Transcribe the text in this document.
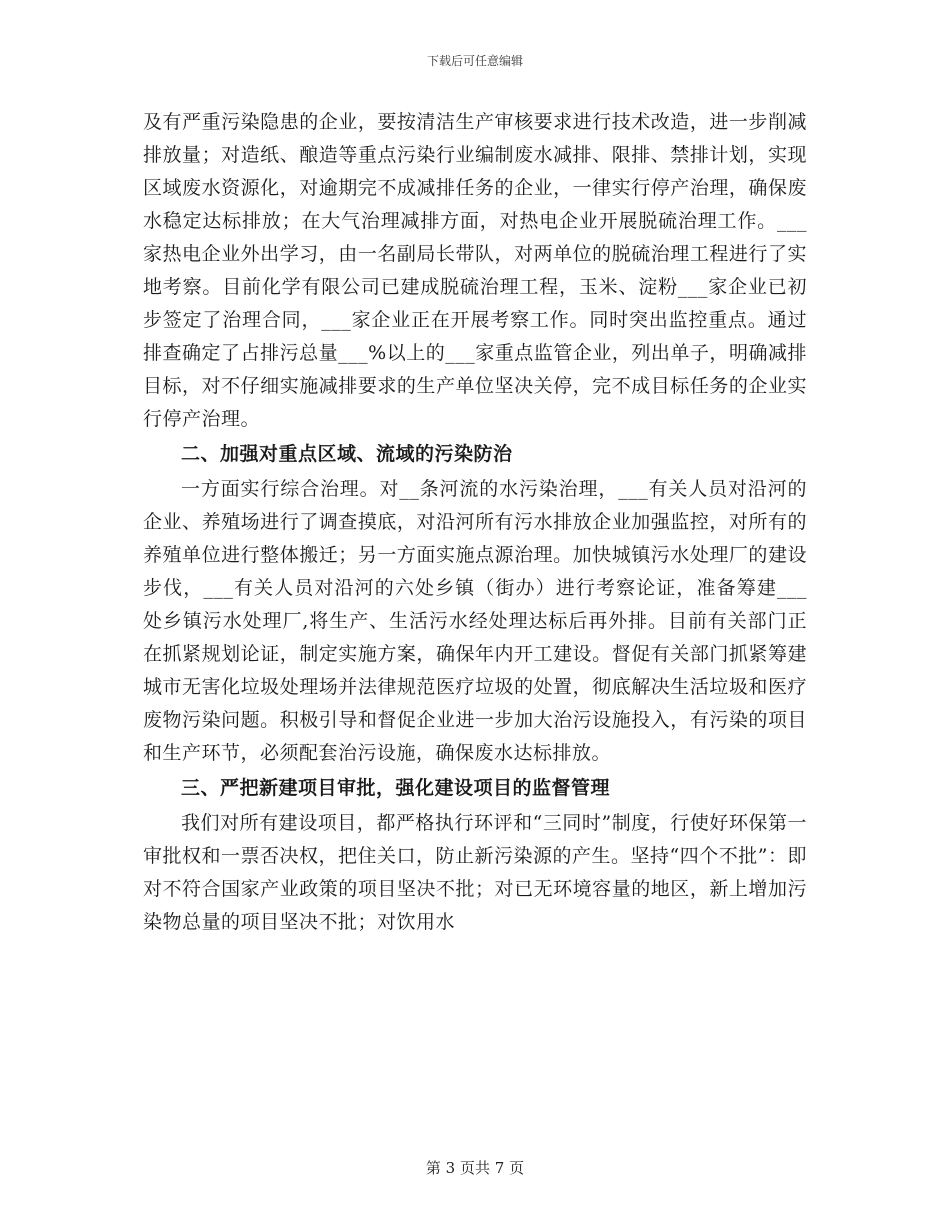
下载后可任意编辑

及有严重污染隐患的企业，要按清洁生产审核要求进行技术改造，进一步削减排放量；对造纸、酿造等重点污染行业编制废水减排、限排、禁排计划，实现区域废水资源化，对逾期完不成减排任务的企业，一律实行停产治理，确保废水稳定达标排放；在大气治理减排方面，对热电企业开展脱硫治理工作。___家热电企业外出学习，由一名副局长带队，对两单位的脱硫治理工程进行了实地考察。目前化学有限公司已建成脱硫治理工程，玉米、淀粉___家企业已初步签定了治理合同，___家企业正在开展考察工作。同时突出监控重点。通过排查确定了占排污总量___%以上的___家重点监管企业，列出单子，明确减排目标，对不仔细实施减排要求的生产单位坚决关停，完不成目标任务的企业实行停产治理。

二、加强对重点区域、流域的污染防治

一方面实行综合治理。对__条河流的水污染治理，___有关人员对沿河的企业、养殖场进行了调查摸底，对沿河所有污水排放企业加强监控，对所有的养殖单位进行整体搬迁；另一方面实施点源治理。加快城镇污水处理厂的建设步伐，___有关人员对沿河的六处乡镇（街办）进行考察论证，准备筹建___处乡镇污水处理厂,将生产、生活污水经处理达标后再外排。目前有关部门正在抓紧规划论证，制定实施方案，确保年内开工建设。督促有关部门抓紧筹建城市无害化垃圾处理场并法律规范医疗垃圾的处置，彻底解决生活垃圾和医疗废物污染问题。积极引导和督促企业进一步加大治污设施投入，有污染的项目和生产环节，必须配套治污设施，确保废水达标排放。

三、严把新建项目审批，强化建设项目的监督管理

我们对所有建设项目，都严格执行环评和“三同时”制度，行使好环保第一审批权和一票否决权，把住关口，防止新污染源的产生。坚持“四个不批”：即对不符合国家产业政策的项目坚决不批；对已无环境容量的地区，新上增加污染物总量的项目坚决不批；对饮用水

第 3 页共 7 页
